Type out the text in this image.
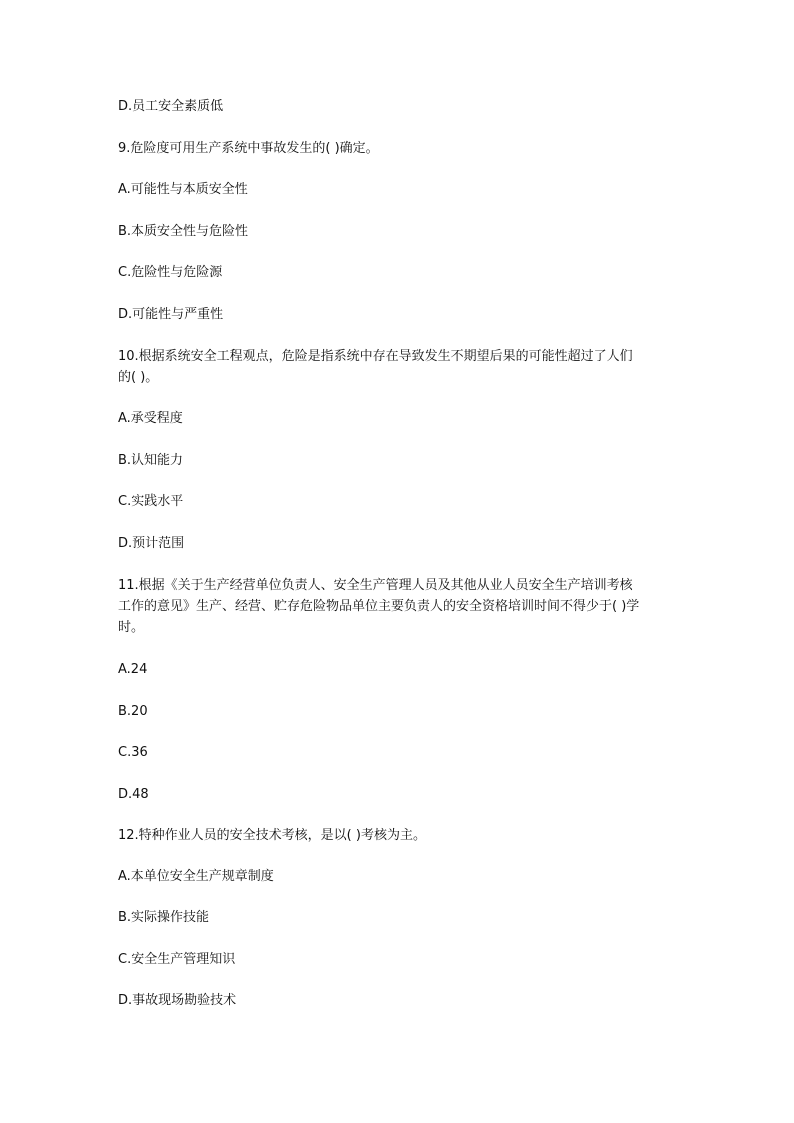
D.员工安全素质低

9.危险度可用生产系统中事故发生的( )确定。

A.可能性与本质安全性

B.本质安全性与危险性

C.危险性与危险源

D.可能性与严重性

10.根据系统安全工程观点，危险是指系统中存在导致发生不期望后果的可能性超过了人们

的( )。

A.承受程度

B.认知能力

C.实践水平

D.预计范围

11.根据《关于生产经营单位负责人、安全生产管理人员及其他从业人员安全生产培训考核

工作的意见》生产、经营、贮存危险物品单位主要负责人的安全资格培训时间不得少于( )学

时。

A.24

B.20

C.36

D.48

12.特种作业人员的安全技术考核，是以( )考核为主。

A.本单位安全生产规章制度

B.实际操作技能

C.安全生产管理知识

D.事故现场勘验技术
